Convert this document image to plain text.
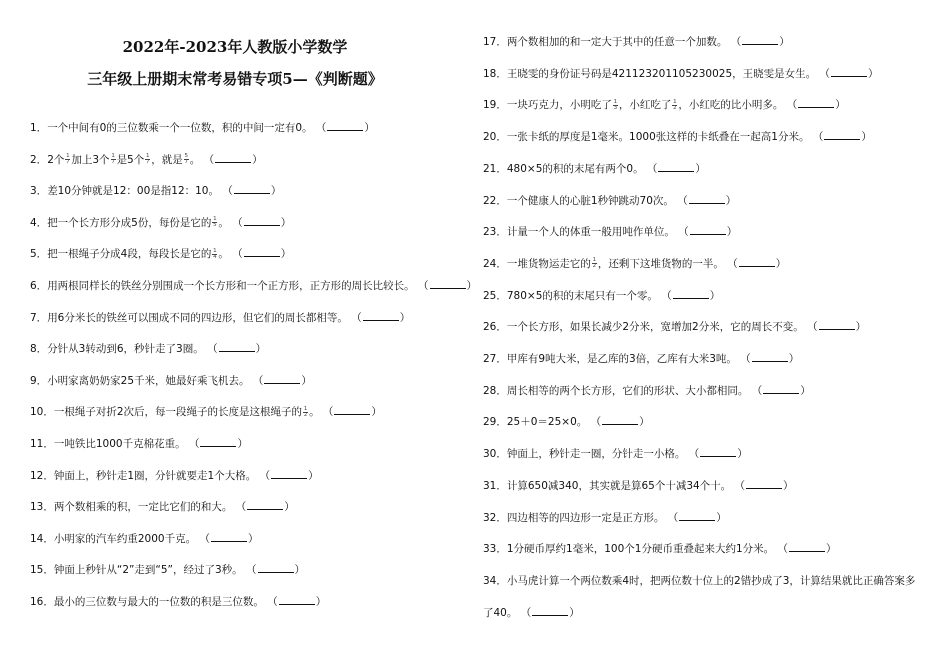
2022年-2023年人教版小学数学
三年级上册期末常考易错专项5—《判断题》
1．一个中间有0的三位数乘一个一位数，积的中间一定有0。 （	）
2．2个 $\frac{1}{7}$ 加上3个 $\frac{1}{7}$ 是5个 $\frac{1}{7}$ ，就是 $\frac{5}{7}$ 。 （	）
3．差10分钟就是12：00是指12：10。 （	）
4．把一个长方形分成5份，每份是它的 $\frac{1}{5}$ 。 （	）
5．把一根绳子分成4段，每段长是它的 $\frac{1}{4}$ 。 （	）
6．用两根同样长的铁丝分别围成一个长方形和一个正方形，正方形的周长比较长。 （	）
7．用6分米长的铁丝可以围成不同的四边形，但它们的周长都相等。 （	）
8．分针从3转动到6，秒针走了3圈。 （	）
9．小明家离奶奶家25千米，她最好乘飞机去。 （	）
10．一根绳子对折2次后，每一段绳子的长度是这根绳子的 $\frac{1}{2}$ 。 （	）
11．一吨铁比1000千克棉花重。 （	）
12．钟面上，秒针走1圈，分针就要走1个大格。 （	）
13．两个数相乘的积，一定比它们的和大。 （	）
14．小明家的汽车约重2000千克。 （	）
15．钟面上秒针从“2”走到“5”，经过了3秒。 （	）
16．最小的三位数与最大的一位数的积是三位数。 （	）
17．两个数相加的和一定大于其中的任意一个加数。 （	）
18．王晓雯的身份证号码是421123201105230025，王晓雯是女生。 （	）
19．一块巧克力，小明吃了 $\frac{1}{3}$ ，小红吃了 $\frac{1}{2}$ ，小红吃的比小明多。 （	）
20．一张卡纸的厚度是1毫米。1000张这样的卡纸叠在一起高1分米。 （	）
21．480×5的积的末尾有两个0。 （	）
22．一个健康人的心脏1秒钟跳动70次。 （	）
23．计量一个人的体重一般用吨作单位。 （	）
24．一堆货物运走它的 $\frac{1}{2}$ ，还剩下这堆货物的一半。 （	）
25．780×5的积的末尾只有一个零。 （	）
26．一个长方形，如果长减少2分米，宽增加2分米，它的周长不变。 （	）
27．甲库有9吨大米，是乙库的3倍，乙库有大米3吨。 （	）
28．周长相等的两个长方形，它们的形状、大小都相同。 （	）
29．25＋0＝25×0。 （	）
30．钟面上，秒针走一圈，分针走一小格。 （	）
31．计算650减340，其实就是算65个十减34个十。 （	）
32．四边相等的四边形一定是正方形。 （	）
33．1分硬币厚约1毫米，100个1分硬币重叠起来大约1分米。 （	）
34．小马虎计算一个两位数乘4时，把两位数十位上的2错抄成了3，计算结果就比正确答案多
了40。 （	）
